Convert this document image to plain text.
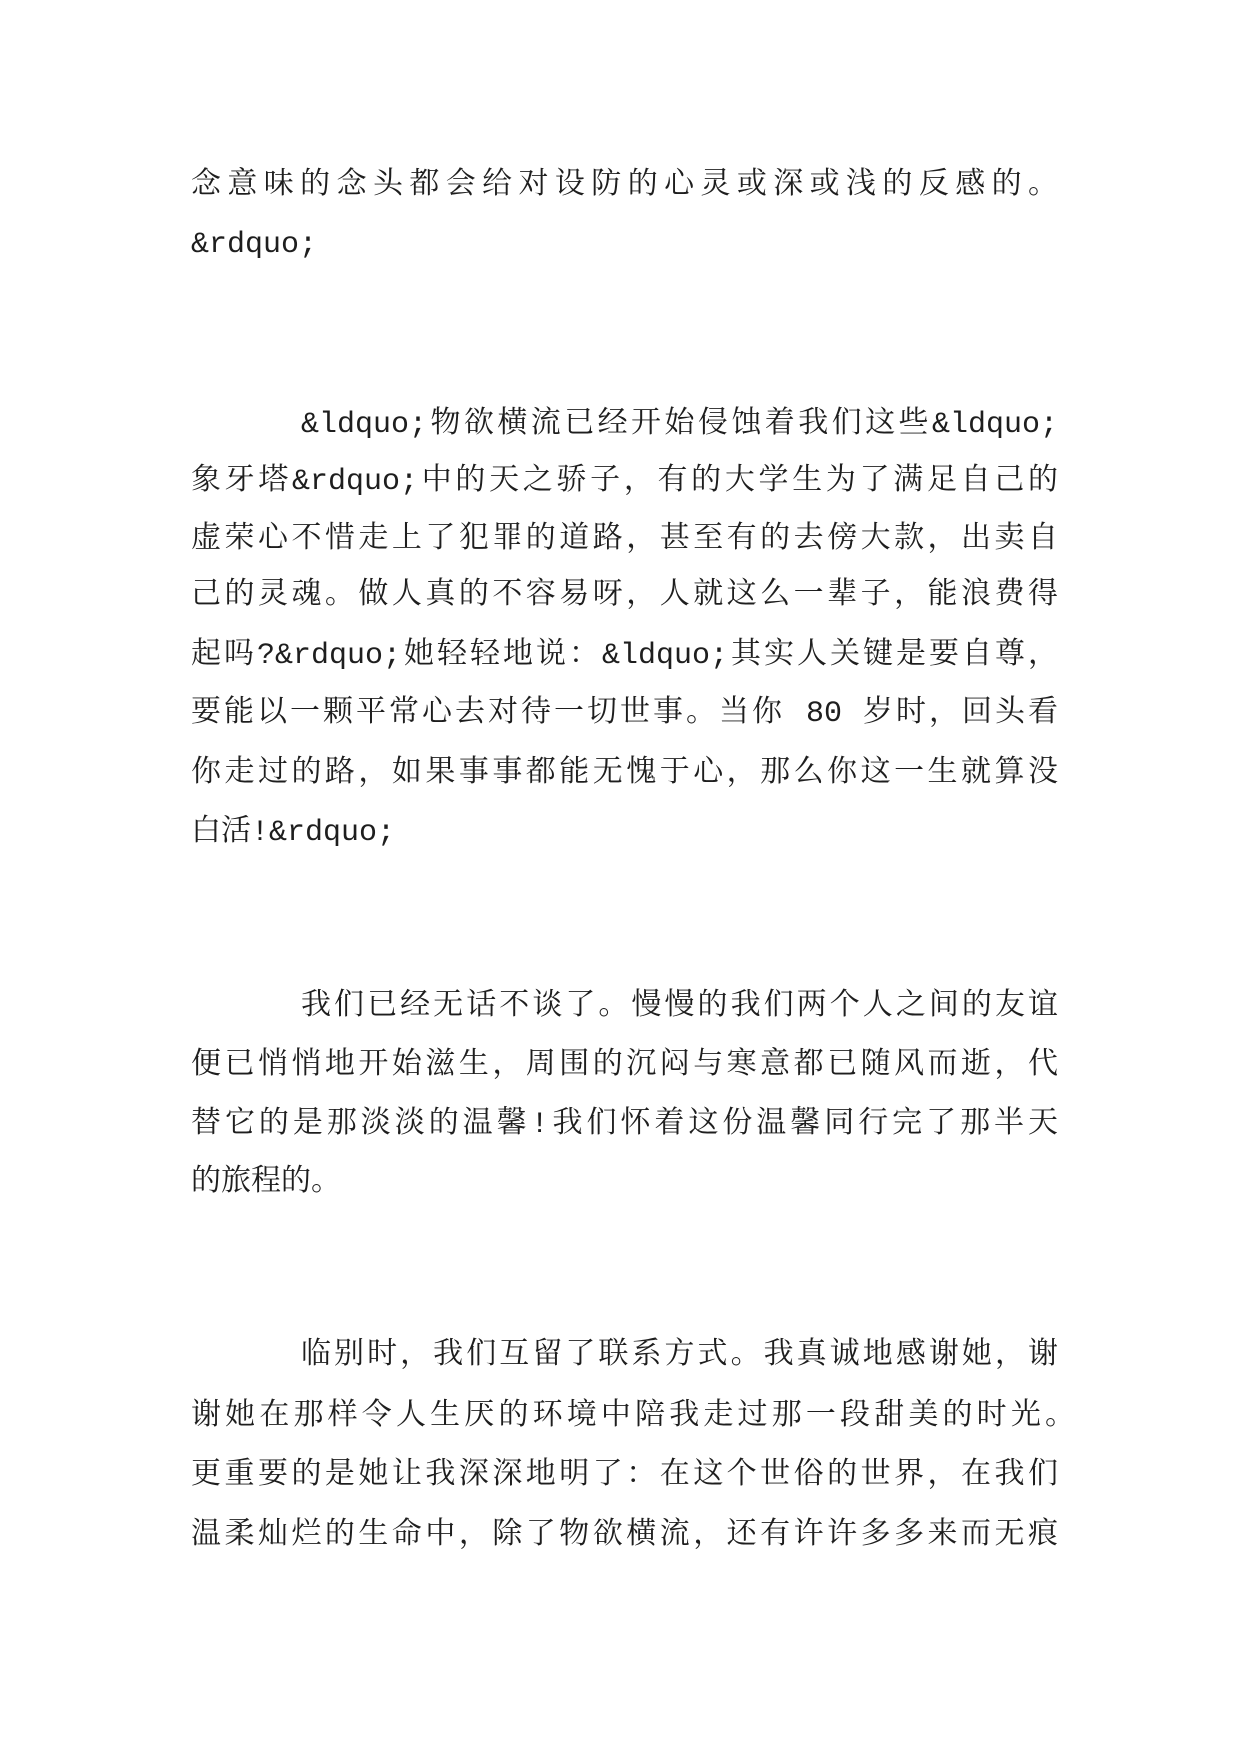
念意味的念头都会给对设防的心灵或深或浅的反感的。
&rdquo;
&ldquo;物欲横流已经开始侵蚀着我们这些&ldquo;
象牙塔&rdquo;中的天之骄子，有的大学生为了满足自己的
虚荣心不惜走上了犯罪的道路，甚至有的去傍大款，出卖自
己的灵魂。做人真的不容易呀，人就这么一辈子，能浪费得
起吗?&rdquo;她轻轻地说：&ldquo;其实人关键是要自尊，
要能以一颗平常心去对待一切世事。当你 80 岁时，回头看
你走过的路，如果事事都能无愧于心，那么你这一生就算没
白活!&rdquo;
我们已经无话不谈了。慢慢的我们两个人之间的友谊
便已悄悄地开始滋生，周围的沉闷与寒意都已随风而逝，代
替它的是那淡淡的温馨!我们怀着这份温馨同行完了那半天
的旅程的。
临别时，我们互留了联系方式。我真诚地感谢她，谢
谢她在那样令人生厌的环境中陪我走过那一段甜美的时光。
更重要的是她让我深深地明了：在这个世俗的世界，在我们
温柔灿烂的生命中，除了物欲横流，还有许许多多来而无痕
